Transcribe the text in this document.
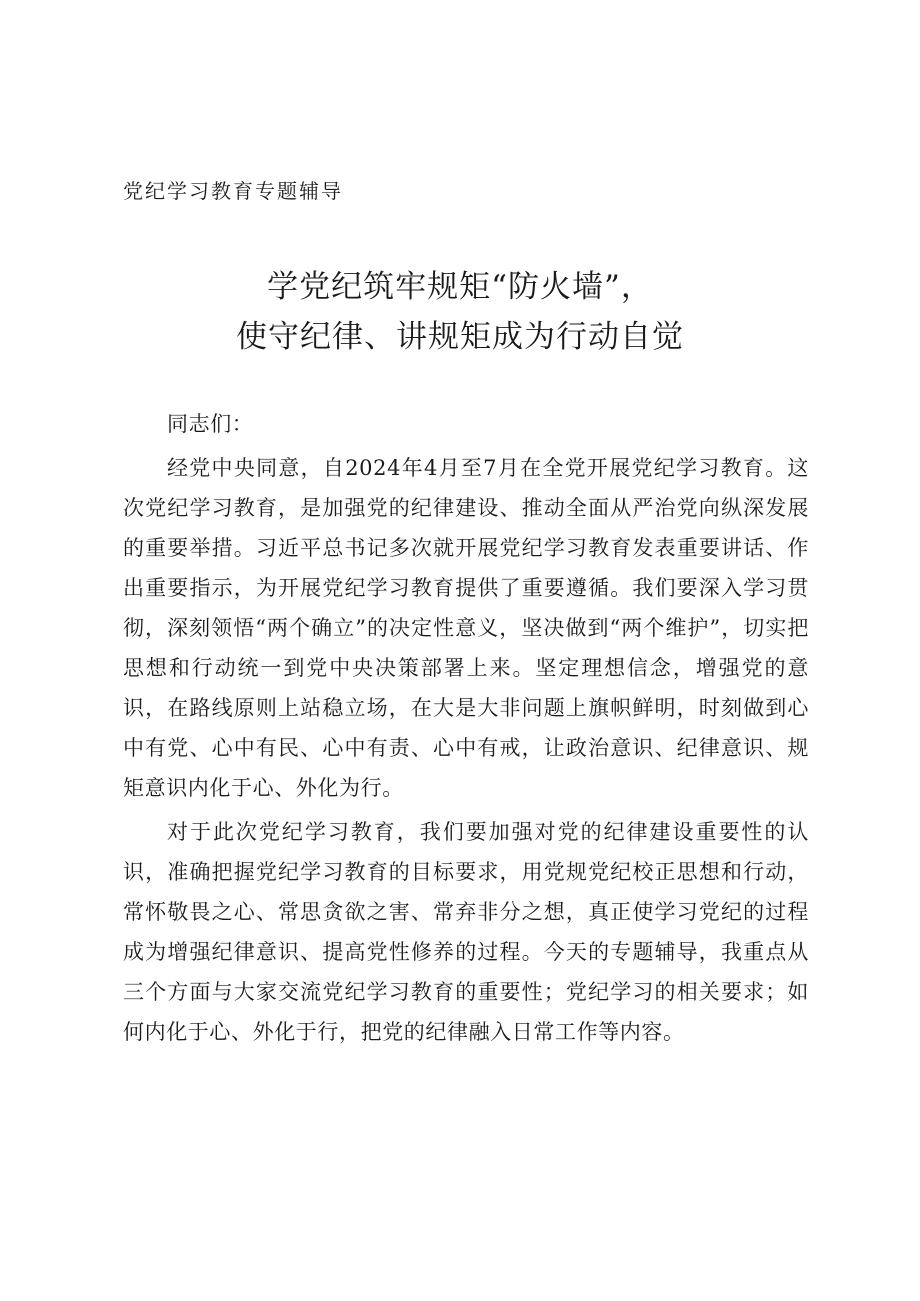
党纪学习教育专题辅导
学党纪筑牢规矩“防火墙”，
使守纪律、讲规矩成为行动自觉

同志们：

经党中央同意，自2024年4月至7月在全党开展党纪学习教育。这次党纪学习教育，是加强党的纪律建设、推动全面从严治党向纵深发展的重要举措。习近平总书记多次就开展党纪学习教育发表重要讲话、作出重要指示，为开展党纪学习教育提供了重要遵循。我们要深入学习贯彻，深刻领悟“两个确立”的决定性意义，坚决做到“两个维护”，切实把思想和行动统一到党中央决策部署上来。坚定理想信念，增强党的意识，在路线原则上站稳立场，在大是大非问题上旗帜鲜明，时刻做到心中有党、心中有民、心中有责、心中有戒，让政治意识、纪律意识、规矩意识内化于心、外化为行。

对于此次党纪学习教育，我们要加强对党的纪律建设重要性的认识，准确把握党纪学习教育的目标要求，用党规党纪校正思想和行动，常怀敬畏之心、常思贪欲之害、常弃非分之想，真正使学习党纪的过程成为增强纪律意识、提高党性修养的过程。今天的专题辅导，我重点从三个方面与大家交流党纪学习教育的重要性；党纪学习的相关要求；如何内化于心、外化于行，把党的纪律融入日常工作等内容。
